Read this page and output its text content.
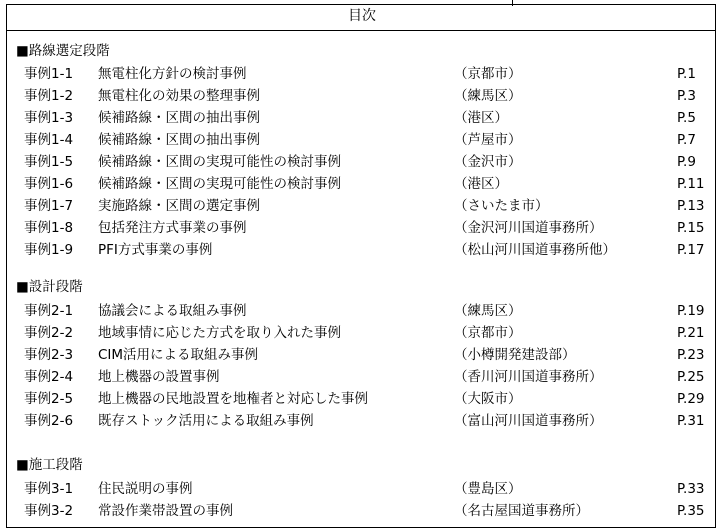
目次
■路線選定段階
事例1-1 無電柱化方針の検討事例	（京都市）	P.1
事例1-2 無電柱化の効果の整理事例	（練馬区）	P.3
事例1-3 候補路線・区間の抽出事例	（港区）	P.5
事例1-4 候補路線・区間の抽出事例	（芦屋市）	P.7
事例1-5 候補路線・区間の実現可能性の検討事例	（金沢市）	P.9
事例1-6 候補路線・区間の実現可能性の検討事例	（港区）	P.11
事例1-7 実施路線・区間の選定事例	（さいたま市）	P.13
事例1-8 包括発注方式事業の事例	（金沢河川国道事務所）	P.15
事例1-9 PFI方式事業の事例	（松山河川国道事務所他）	P.17
■設計段階
事例2-1 協議会による取組み事例	（練馬区）	P.19
事例2-2 地域事情に応じた方式を取り入れた事例	（京都市）	P.21
事例2-3 CIM活用による取組み事例	（小樽開発建設部）	P.23
事例2-4 地上機器の設置事例	（香川河川国道事務所）	P.25
事例2-5 地上機器の民地設置を地権者と対応した事例	（大阪市）	P.29
事例2-6 既存ストック活用による取組み事例	（富山河川国道事務所）	P.31
■施工段階
事例3-1 住民説明の事例	（豊島区）	P.33
事例3-2 常設作業帯設置の事例	（名古屋国道事務所）	P.35
